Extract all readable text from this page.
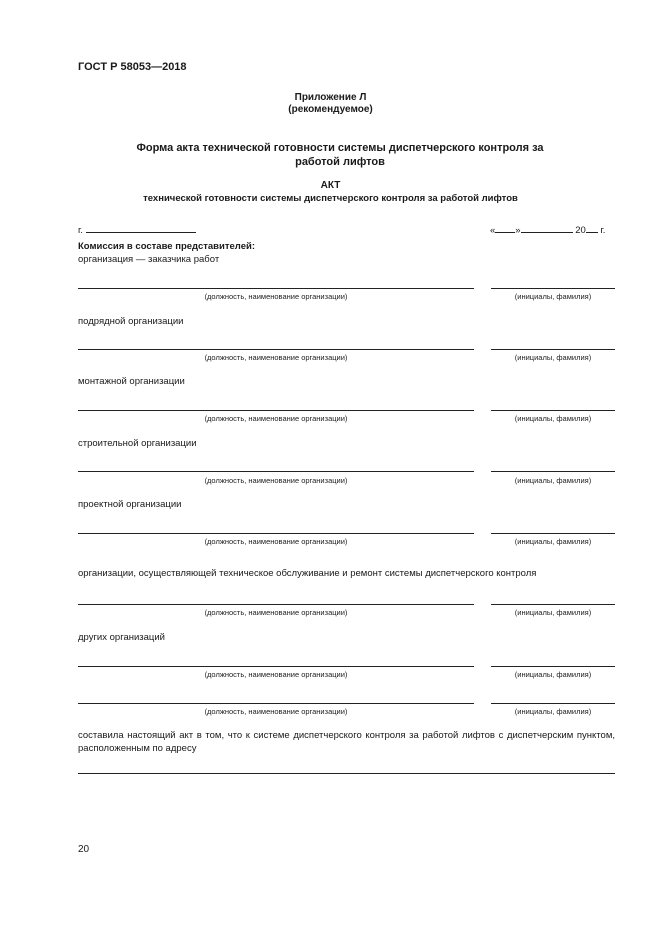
ГОСТ Р 58053—2018
Приложение Л
(рекомендуемое)
Форма акта технической готовности системы диспетчерского контроля за работой лифтов
АКТ
технической готовности системы диспетчерского контроля за работой лифтов
г.	« »	20 г.
Комиссия в составе представителей:
организация — заказчика работ
(должность, наименование организации)	(инициалы, фамилия)
подрядной организации
(должность, наименование организации)	(инициалы, фамилия)
монтажной организации
(должность, наименование организации)	(инициалы, фамилия)
строительной организации
(должность, наименование организации)	(инициалы, фамилия)
проектной организации
(должность, наименование организации)	(инициалы, фамилия)
организации, осуществляющей техническое обслуживание и ремонт системы диспетчерского контроля
(должность, наименование организации)	(инициалы, фамилия)
других организаций
(должность, наименование организации)	(инициалы, фамилия)
(должность, наименование организации)	(инициалы, фамилия)
составила настоящий акт в том, что к системе диспетчерского контроля за работой лифтов с диспетчерским пунктом, расположенным по адресу
20
